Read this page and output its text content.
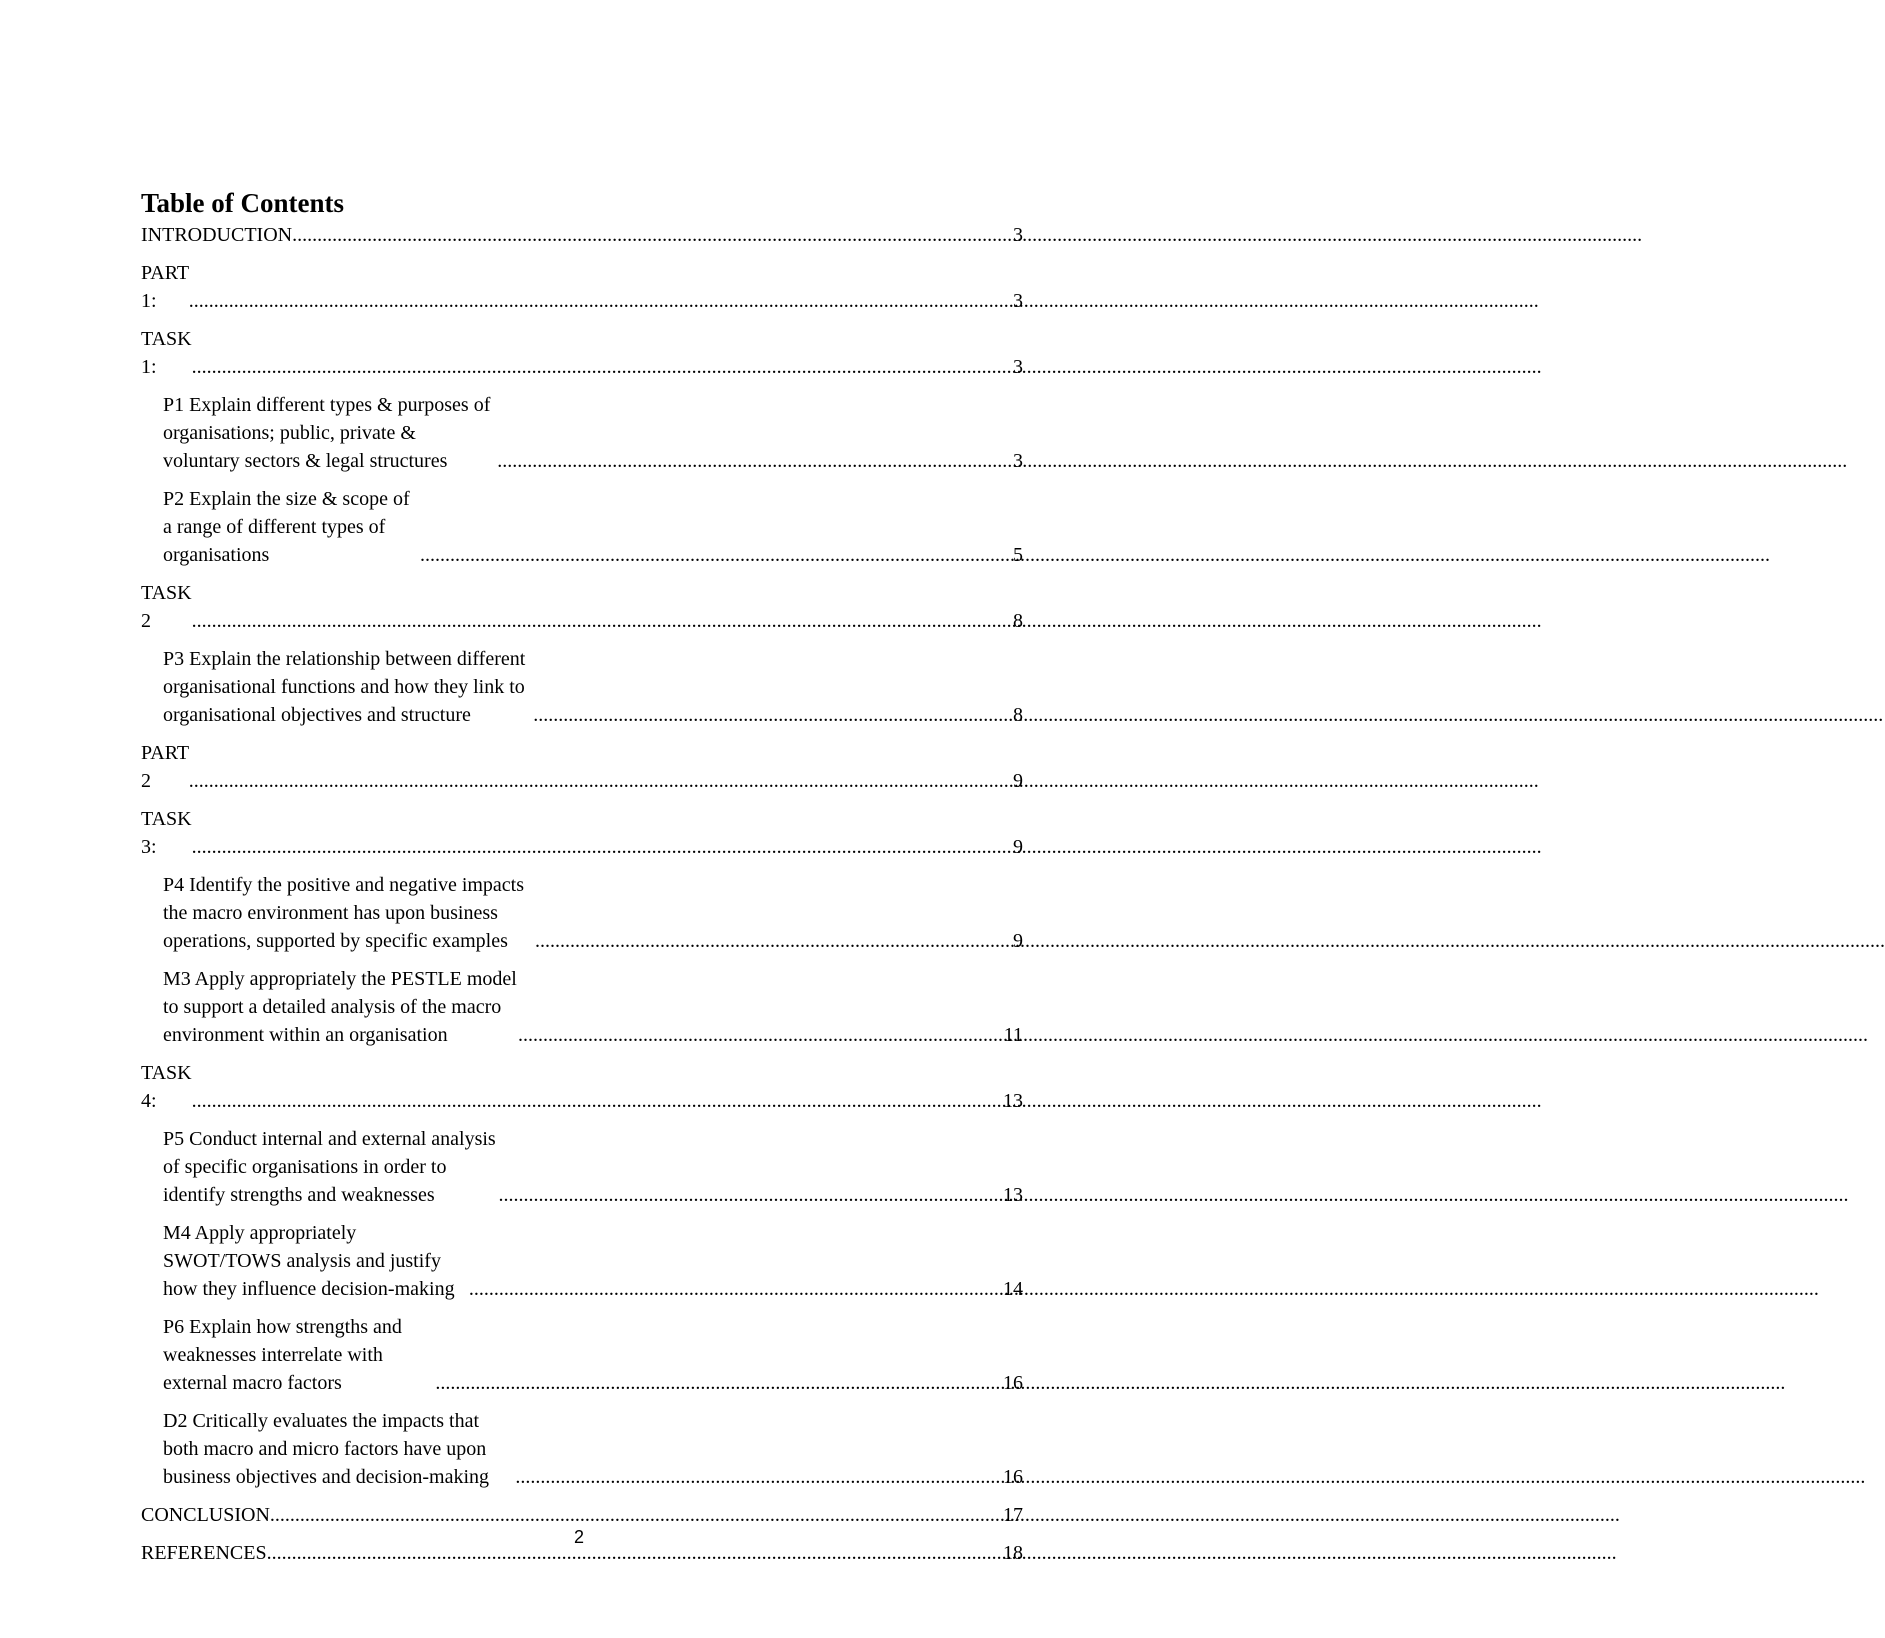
Table of Contents
INTRODUCTION .....	3
PART 1: .....	3
TASK 1: .....	3
P1 Explain different types & purposes of organisations; public, private & voluntary sectors & legal structures .....	3
P2 Explain the size & scope of a range of different types of organisations .....	5
TASK 2 .....	8
P3 Explain the relationship between different organisational functions and how they link to organisational objectives and structure .....	8
PART 2 .....	9
TASK 3: .....	9
P4 Identify the positive and negative impacts the macro environment has upon business operations, supported by specific examples .....	9
M3 Apply appropriately the PESTLE model to support a detailed analysis of the macro environment within an organisation .....	11
TASK 4: .....	13
P5 Conduct internal and external analysis of specific organisations in order to identify strengths and weaknesses .....	13
M4 Apply appropriately SWOT/TOWS analysis and justify how they influence decision-making .....	14
P6 Explain how strengths and weaknesses interrelate with external macro factors .....	16
D2 Critically evaluates the impacts that both macro and micro factors have upon business objectives and decision-making .....	16
CONCLUSION .....	17
REFERENCES .....	18
2
